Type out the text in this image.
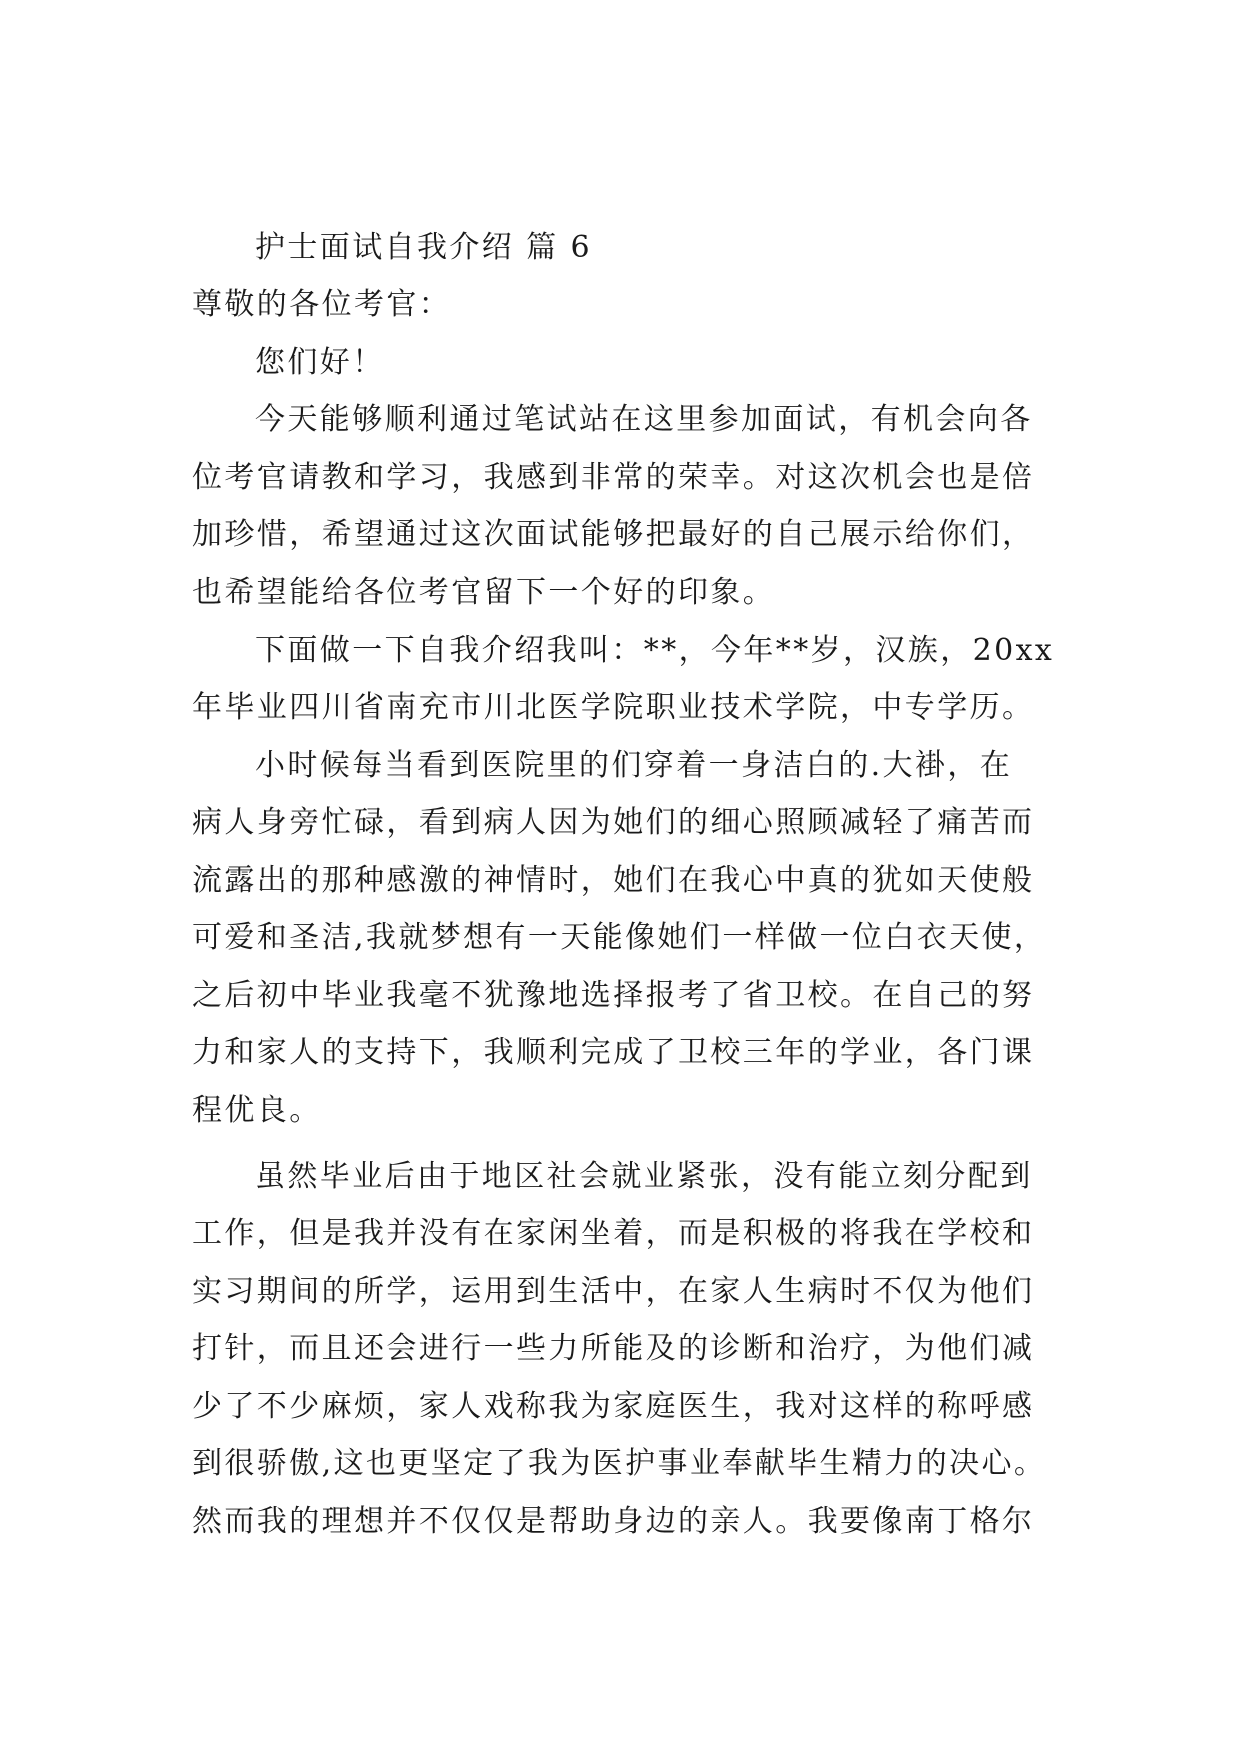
护士面试自我介绍 篇 6
尊敬的各位考官：
您们好！
今天能够顺利通过笔试站在这里参加面试，有机会向各
位考官请教和学习，我感到非常的荣幸。对这次机会也是倍
加珍惜，希望通过这次面试能够把最好的自己展示给你们，
也希望能给各位考官留下一个好的印象。
下面做一下自我介绍我叫：**，今年**岁，汉族，20xx
年毕业四川省南充市川北医学院职业技术学院，中专学历。
小时候每当看到医院里的们穿着一身洁白的.大褂，在
病人身旁忙碌，看到病人因为她们的细心照顾减轻了痛苦而
流露出的那种感激的神情时，她们在我心中真的犹如天使般
可爱和圣洁,我就梦想有一天能像她们一样做一位白衣天使，
之后初中毕业我毫不犹豫地选择报考了省卫校。在自己的努
力和家人的支持下，我顺利完成了卫校三年的学业，各门课
程优良。
虽然毕业后由于地区社会就业紧张，没有能立刻分配到
工作，但是我并没有在家闲坐着，而是积极的将我在学校和
实习期间的所学，运用到生活中，在家人生病时不仅为他们
打针，而且还会进行一些力所能及的诊断和治疗，为他们减
少了不少麻烦，家人戏称我为家庭医生，我对这样的称呼感
到很骄傲,这也更坚定了我为医护事业奉献毕生精力的决心。
然而我的理想并不仅仅是帮助身边的亲人。我要像南丁格尔
